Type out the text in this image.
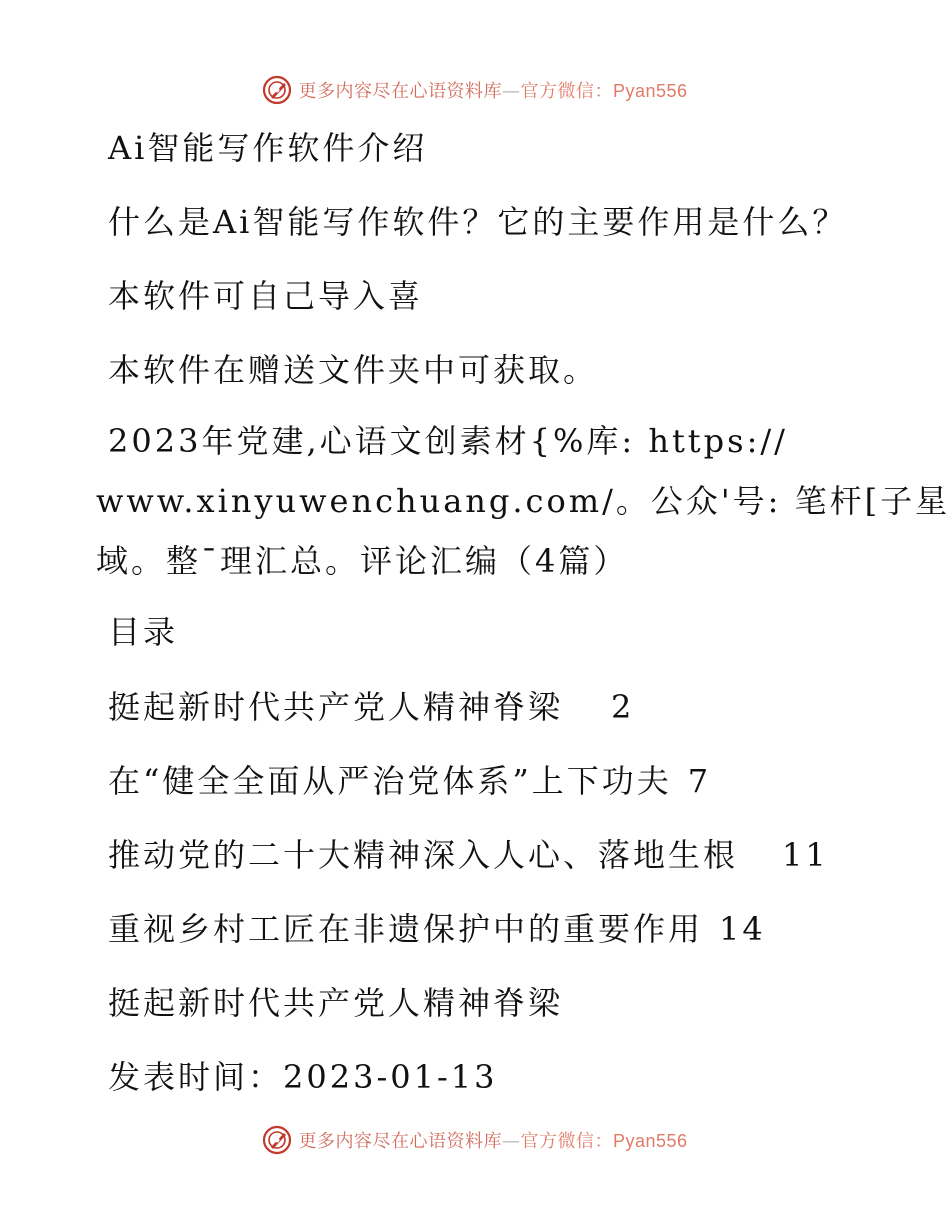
更多内容尽在心语资料库—官方微信：Pyan556
Ai智能写作软件介绍
什么是Ai智能写作软件？它的主要作用是什么？
本软件可自己导入喜
本软件在赠送文件夹中可获取。
2023年党建,心语文创素材{%库: https://
www.xinyuwenchuang.com/。公众'号: 笔杆[子星
域。整¯理汇总。评论汇编（4篇）
目录
挺起新时代共产党人精神脊梁 2
在“健全全面从严治党体系”上下功夫 7
推动党的二十大精神深入人心、落地生根 11
重视乡村工匠在非遗保护中的重要作用 14
挺起新时代共产党人精神脊梁
发表时间：2023-01-13
更多内容尽在心语资料库—官方微信：Pyan556
